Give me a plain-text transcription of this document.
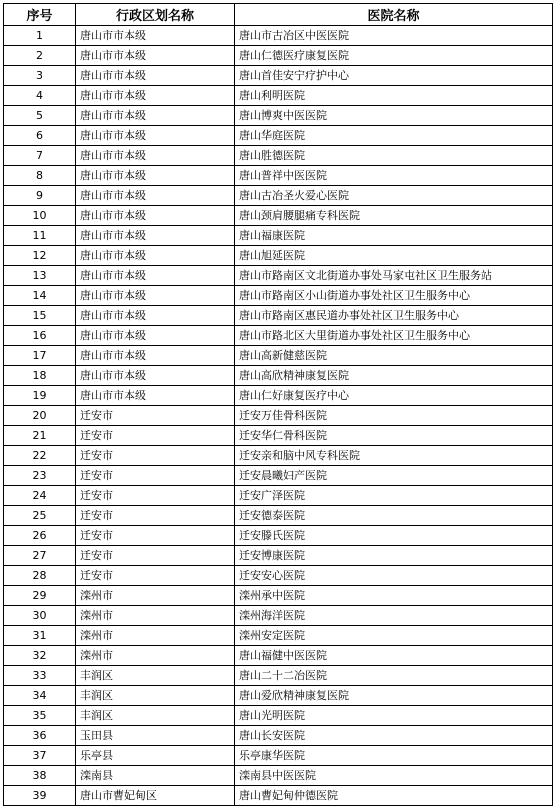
序号	行政区划名称	医院名称
1	唐山市市本级	唐山市古冶区中医医院
2	唐山市市本级	唐山仁德医疗康复医院
3	唐山市市本级	唐山首佳安宁疗护中心
4	唐山市市本级	唐山利明医院
5	唐山市市本级	唐山博爽中医医院
6	唐山市市本级	唐山华庭医院
7	唐山市市本级	唐山胜德医院
8	唐山市市本级	唐山普祥中医医院
9	唐山市市本级	唐山古冶圣火爱心医院
10	唐山市市本级	唐山颈肩腰腿痛专科医院
11	唐山市市本级	唐山福康医院
12	唐山市市本级	唐山旭延医院
13	唐山市市本级	唐山市路南区文北街道办事处马家屯社区卫生服务站
14	唐山市市本级	唐山市路南区小山街道办事处社区卫生服务中心
15	唐山市市本级	唐山市路南区惠民道办事处社区卫生服务中心
16	唐山市市本级	唐山市路北区大里街道办事处社区卫生服务中心
17	唐山市市本级	唐山高新健慈医院
18	唐山市市本级	唐山高欣精神康复医院
19	唐山市市本级	唐山仁好康复医疗中心
20	迁安市	迁安万佳骨科医院
21	迁安市	迁安华仁骨科医院
22	迁安市	迁安亲和脑中风专科医院
23	迁安市	迁安晨曦妇产医院
24	迁安市	迁安广泽医院
25	迁安市	迁安德泰医院
26	迁安市	迁安滕氏医院
27	迁安市	迁安博康医院
28	迁安市	迁安安心医院
29	滦州市	滦州承中医院
30	滦州市	滦州海洋医院
31	滦州市	滦州安定医院
32	滦州市	唐山福健中医医院
33	丰润区	唐山二十二冶医院
34	丰润区	唐山爱欣精神康复医院
35	丰润区	唐山光明医院
36	玉田县	唐山长安医院
37	乐亭县	乐亭康华医院
38	滦南县	滦南县中医医院
39	唐山市曹妃甸区	唐山曹妃甸仲德医院
